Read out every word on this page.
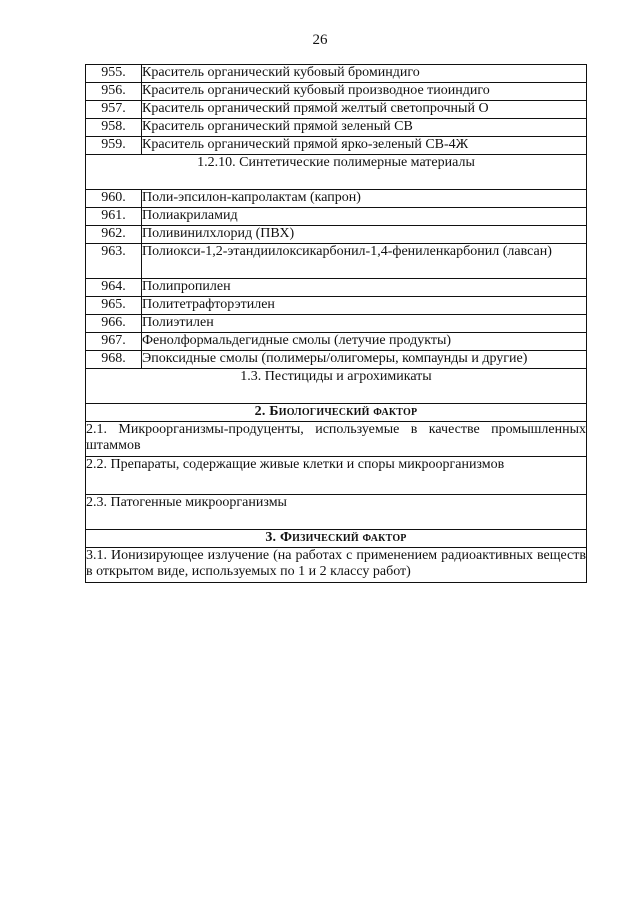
26
955.	Краситель органический кубовый броминдиго
956.	Краситель органический кубовый производное тиоиндиго
957.	Краситель органический прямой желтый светопрочный О
958.	Краситель органический прямой зеленый СВ
959.	Краситель органический прямой ярко-зеленый СВ-4Ж
1.2.10. Синтетические полимерные материалы	
960.	Поли-эпсилон-капролактам (капрон)
961.	Полиакриламид
962.	Поливинилхлорид (ПВХ)
963.	Полиокси-1,2-этандиилоксикарбонил-1,4-фениленкарбонил (лавсан)
964.	Полипропилен
965.	Политетрафторэтилен
966.	Полиэтилен
967.	Фенолформальдегидные смолы (летучие продукты)
968.	Эпоксидные смолы (полимеры/олигомеры, компаунды и другие)
1.3. Пестициды и агрохимикаты	
2. Биологический фактор	
2.1. Микроорганизмы-продуценты, используемые в качестве промышленных штаммов	
2.2. Препараты, содержащие живые клетки и споры микроорганизмов	
2.3. Патогенные микроорганизмы	
3. Физический фактор	
3.1. Ионизирующее излучение (на работах с применением радиоактивных веществ в открытом виде, используемых по 1 и 2 классу работ)	
